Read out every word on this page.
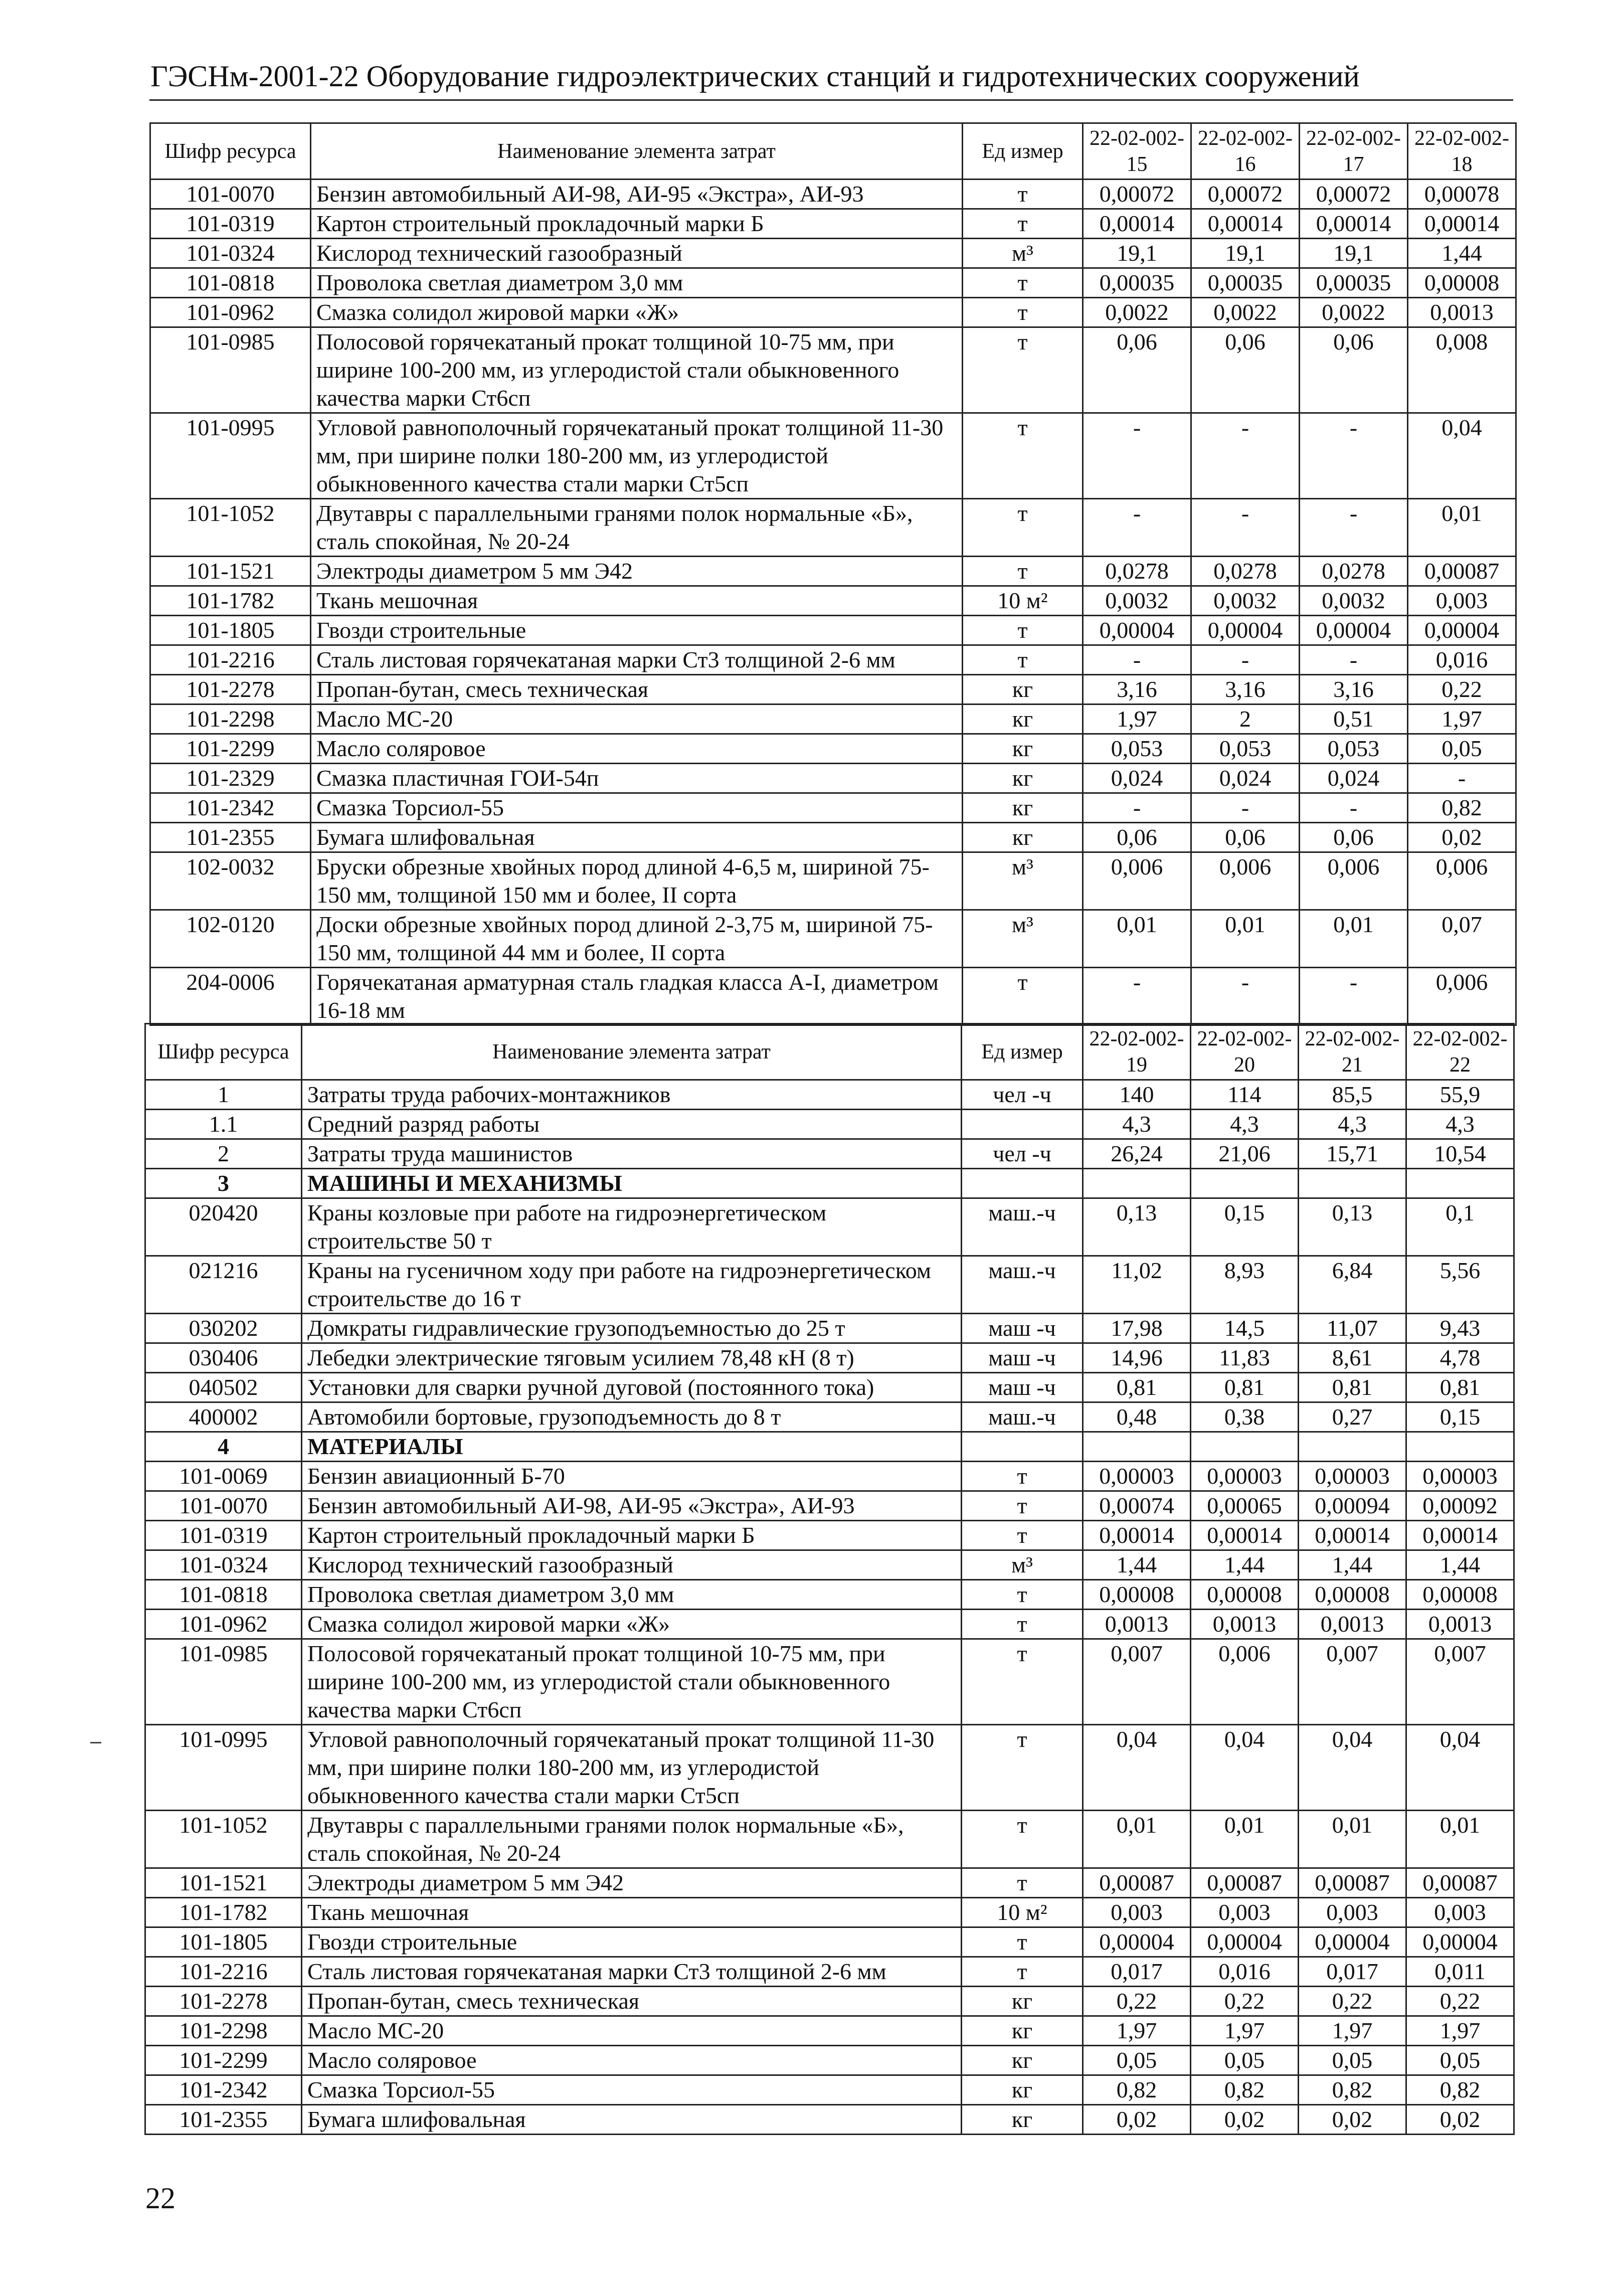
ГЭСНм-2001-22 Оборудование гидроэлектрических станций и гидротехнических сооружений
Шифр ресурса	Наименование элемента затрат	Ед измер	22-02-002-15	22-02-002-16	22-02-002-17	22-02-002-18
101-0070	Бензин автомобильный АИ-98, АИ-95 «Экстра», АИ-93	т	0,00072	0,00072	0,00072	0,00078
101-0319	Картон строительный прокладочный марки Б	т	0,00014	0,00014	0,00014	0,00014
101-0324	Кислород технический газообразный	м³	19,1	19,1	19,1	1,44
101-0818	Проволока светлая диаметром 3,0 мм	т	0,00035	0,00035	0,00035	0,00008
101-0962	Смазка солидол жировой марки «Ж»	т	0,0022	0,0022	0,0022	0,0013
101-0985	Полосовой горячекатаный прокат толщиной 10-75 мм, при ширине 100-200 мм, из углеродистой стали обыкновенного качества марки Ст6сп	т	0,06	0,06	0,06	0,008
101-0995	Угловой равнополочный горячекатаный прокат толщиной 11-30 мм, при ширине полки 180-200 мм, из углеродистой обыкновенного качества стали марки Ст5сп	т	-	-	-	0,04
101-1052	Двутавры с параллельными гранями полок нормальные «Б», сталь спокойная, № 20-24	т	-	-	-	0,01
101-1521	Электроды диаметром 5 мм Э42	т	0,0278	0,0278	0,0278	0,00087
101-1782	Ткань мешочная	10 м²	0,0032	0,0032	0,0032	0,003
101-1805	Гвозди строительные	т	0,00004	0,00004	0,00004	0,00004
101-2216	Сталь листовая горячекатаная марки Ст3 толщиной 2-6 мм	т	-	-	-	0,016
101-2278	Пропан-бутан, смесь техническая	кг	3,16	3,16	3,16	0,22
101-2298	Масло МС-20	кг	1,97	2	0,51	1,97
101-2299	Масло соляровое	кг	0,053	0,053	0,053	0,05
101-2329	Смазка пластичная ГОИ-54п	кг	0,024	0,024	0,024	-
101-2342	Смазка Торсиол-55	кг	-	-	-	0,82
101-2355	Бумага шлифовальная	кг	0,06	0,06	0,06	0,02
102-0032	Бруски обрезные хвойных пород длиной 4-6,5 м, шириной 75-150 мм, толщиной 150 мм и более, II сорта	м³	0,006	0,006	0,006	0,006
102-0120	Доски обрезные хвойных пород длиной 2-3,75 м, шириной 75-150 мм, толщиной 44 мм и более, II сорта	м³	0,01	0,01	0,01	0,07
204-0006	Горячекатаная арматурная сталь гладкая класса А-I, диаметром 16-18 мм	т	-	-	-	0,006
Шифр ресурса	Наименование элемента затрат	Ед измер	22-02-002-19	22-02-002-20	22-02-002-21	22-02-002-22
1	Затраты труда рабочих-монтажников	чел -ч	140	114	85,5	55,9
1.1	Средний разряд работы		4,3	4,3	4,3	4,3
2	Затраты труда машинистов	чел -ч	26,24	21,06	15,71	10,54
3	МАШИНЫ И МЕХАНИЗМЫ					
020420	Краны козловые при работе на гидроэнергетическом строительстве 50 т	маш.-ч	0,13	0,15	0,13	0,1
021216	Краны на гусеничном ходу при работе на гидроэнергетическом строительстве до 16 т	маш.-ч	11,02	8,93	6,84	5,56
030202	Домкраты гидравлические грузоподъемностью до 25 т	маш -ч	17,98	14,5	11,07	9,43
030406	Лебедки электрические тяговым усилием 78,48 кН (8 т)	маш -ч	14,96	11,83	8,61	4,78
040502	Установки для сварки ручной дуговой (постоянного тока)	маш -ч	0,81	0,81	0,81	0,81
400002	Автомобили бортовые, грузоподъемность до 8 т	маш.-ч	0,48	0,38	0,27	0,15
4	МАТЕРИАЛЫ					
101-0069	Бензин авиационный Б-70	т	0,00003	0,00003	0,00003	0,00003
101-0070	Бензин автомобильный АИ-98, АИ-95 «Экстра», АИ-93	т	0,00074	0,00065	0,00094	0,00092
101-0319	Картон строительный прокладочный марки Б	т	0,00014	0,00014	0,00014	0,00014
101-0324	Кислород технический газообразный	м³	1,44	1,44	1,44	1,44
101-0818	Проволока светлая диаметром 3,0 мм	т	0,00008	0,00008	0,00008	0,00008
101-0962	Смазка солидол жировой марки «Ж»	т	0,0013	0,0013	0,0013	0,0013
101-0985	Полосовой горячекатаный прокат толщиной 10-75 мм, при ширине 100-200 мм, из углеродистой стали обыкновенного качества марки Ст6сп	т	0,007	0,006	0,007	0,007
101-0995	Угловой равнополочный горячекатаный прокат толщиной 11-30 мм, при ширине полки 180-200 мм, из углеродистой обыкновенного качества стали марки Ст5сп	т	0,04	0,04	0,04	0,04
101-1052	Двутавры с параллельными гранями полок нормальные «Б», сталь спокойная, № 20-24	т	0,01	0,01	0,01	0,01
101-1521	Электроды диаметром 5 мм Э42	т	0,00087	0,00087	0,00087	0,00087
101-1782	Ткань мешочная	10 м²	0,003	0,003	0,003	0,003
101-1805	Гвозди строительные	т	0,00004	0,00004	0,00004	0,00004
101-2216	Сталь листовая горячекатаная марки Ст3 толщиной 2-6 мм	т	0,017	0,016	0,017	0,011
101-2278	Пропан-бутан, смесь техническая	кг	0,22	0,22	0,22	0,22
101-2298	Масло МС-20	кг	1,97	1,97	1,97	1,97
101-2299	Масло соляровое	кг	0,05	0,05	0,05	0,05
101-2342	Смазка Торсиол-55	кг	0,82	0,82	0,82	0,82
101-2355	Бумага шлифовальная	кг	0,02	0,02	0,02	0,02
22
